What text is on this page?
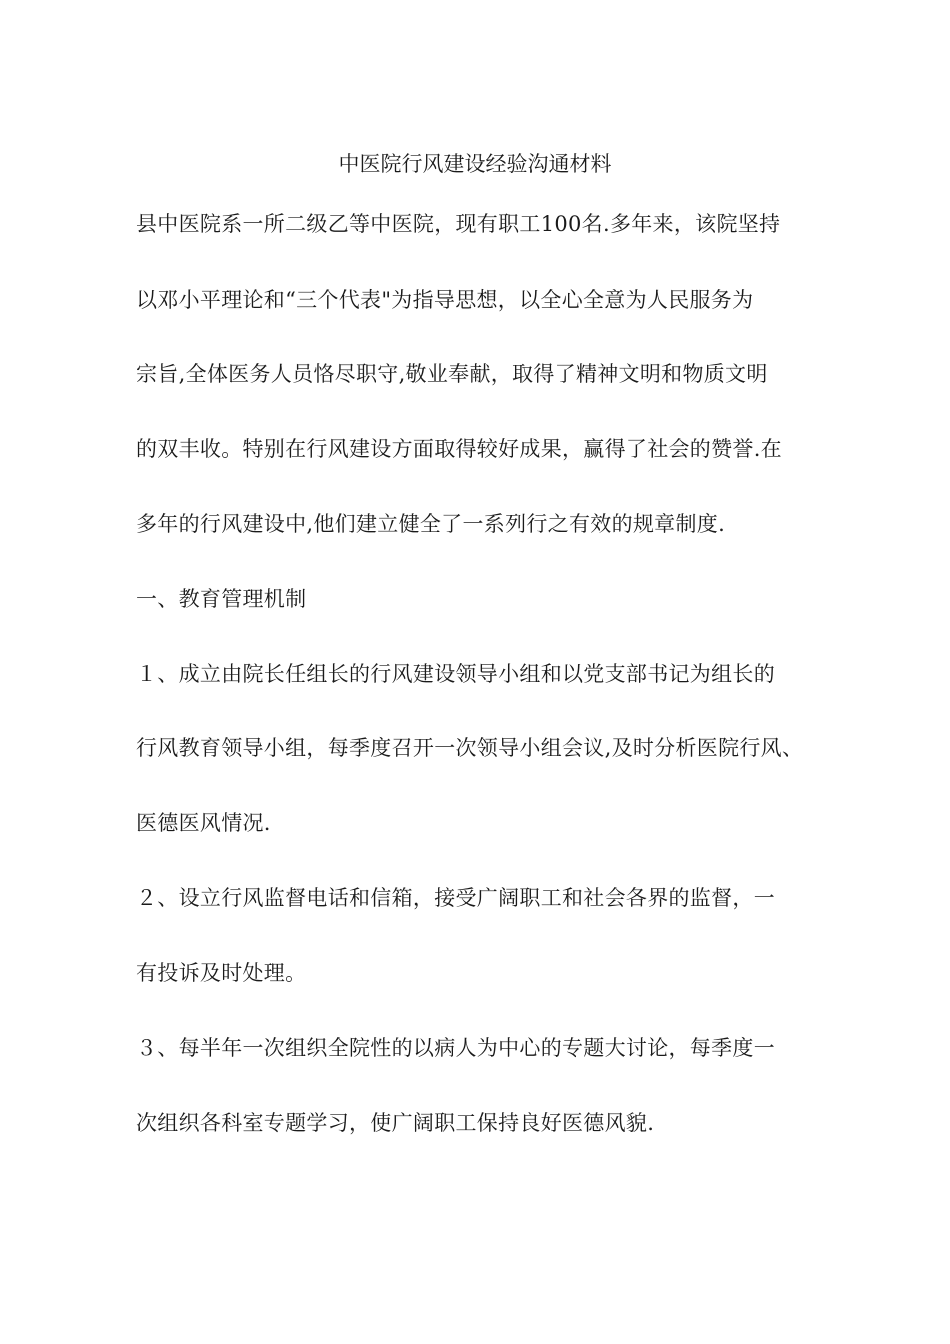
中医院行风建设经验沟通材料
县中医院系一所二级乙等中医院，现有职工100名.多年来，该院坚持
以邓小平理论和“三个代表"为指导思想，以全心全意为人民服务为
宗旨,全体医务人员恪尽职守,敬业奉献，取得了精神文明和物质文明
的双丰收。特别在行风建设方面取得较好成果，赢得了社会的赞誉.在
多年的行风建设中,他们建立健全了一系列行之有效的规章制度.
一、教育管理机制
１、成立由院长任组长的行风建设领导小组和以党支部书记为组长的
行风教育领导小组，每季度召开一次领导小组会议,及时分析医院行风、
医德医风情况.
２、设立行风监督电话和信箱，接受广阔职工和社会各界的监督，一
有投诉及时处理。
３、每半年一次组织全院性的以病人为中心的专题大讨论，每季度一
次组织各科室专题学习，使广阔职工保持良好医德风貌.
